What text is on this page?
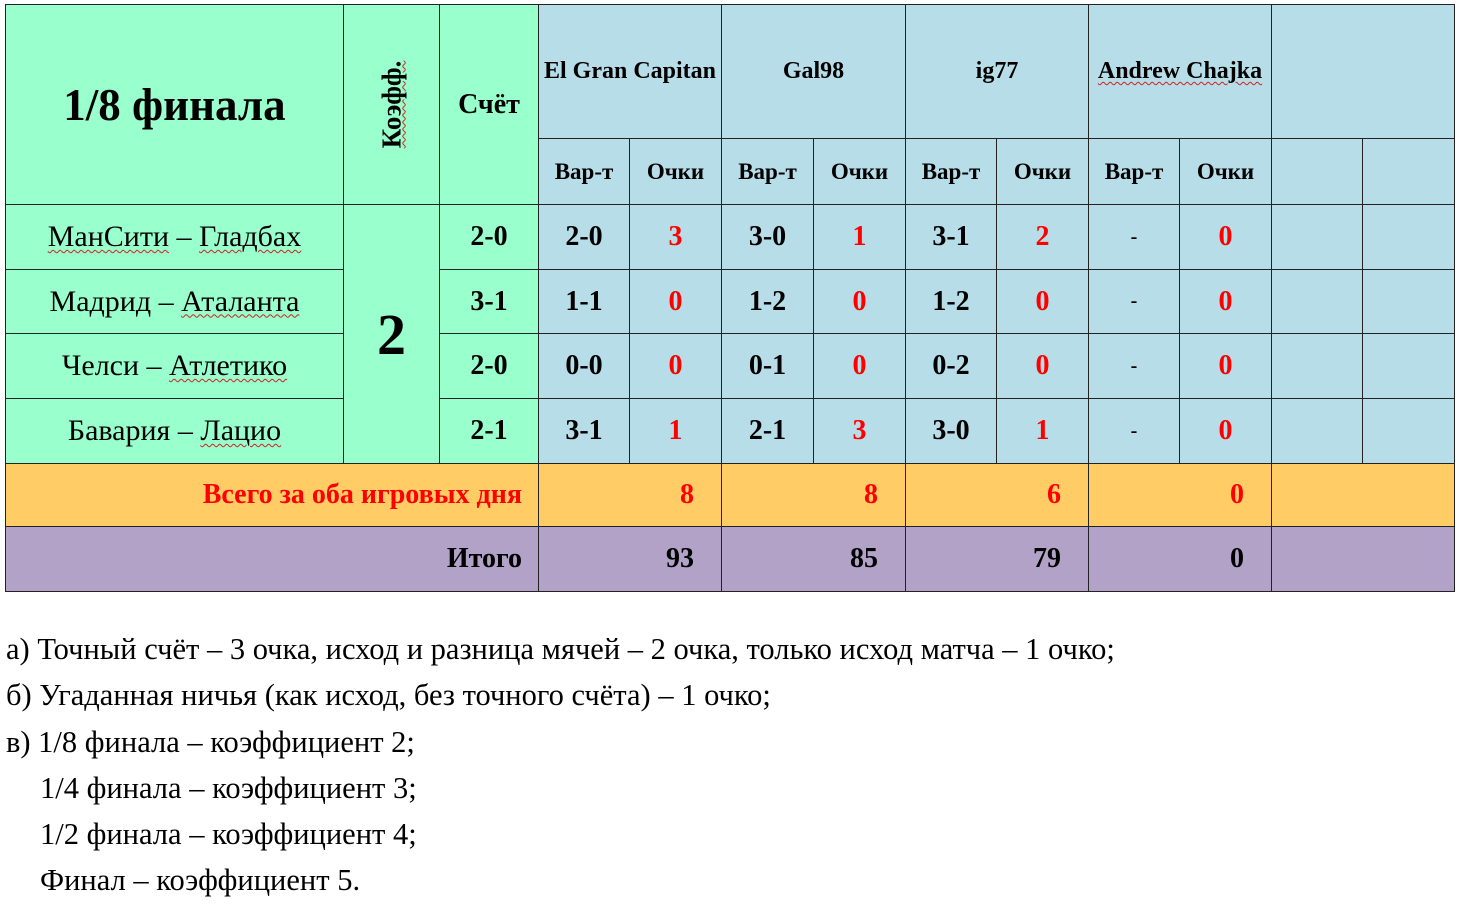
1/8 финала	Коэфф.	Счёт	El Gran Capitan		Gal98		ig77		Andrew Chajka			
			Вар-т	Очки	Вар-т	Очки	Вар-т	Очки	Вар-т	Очки		
МанСити – Гладбах	2	2-0	2-0	3	3-0	1	3-1	2	-	0		
Мадрид – Аталанта		3-1	1-1	0	1-2	0	1-2	0	-	0		
Челси – Атлетико		2-0	0-0	0	0-1	0	0-2	0	-	0		
Бавария – Лацио		2-1	3-1	1	2-1	3	3-0	1	-	0		
Всего за оба игровых дня			8		8		6		0			
Итого			93		85		79		0			
а) Точный счёт – 3 очка, исход и разница мячей – 2 очка, только исход матча – 1 очко;
б) Угаданная ничья (как исход, без точного счёта) – 1 очко;
в) 1/8 финала – коэффициент 2;
1/4 финала – коэффициент 3;
1/2 финала – коэффициент 4;
Финал – коэффициент 5.
